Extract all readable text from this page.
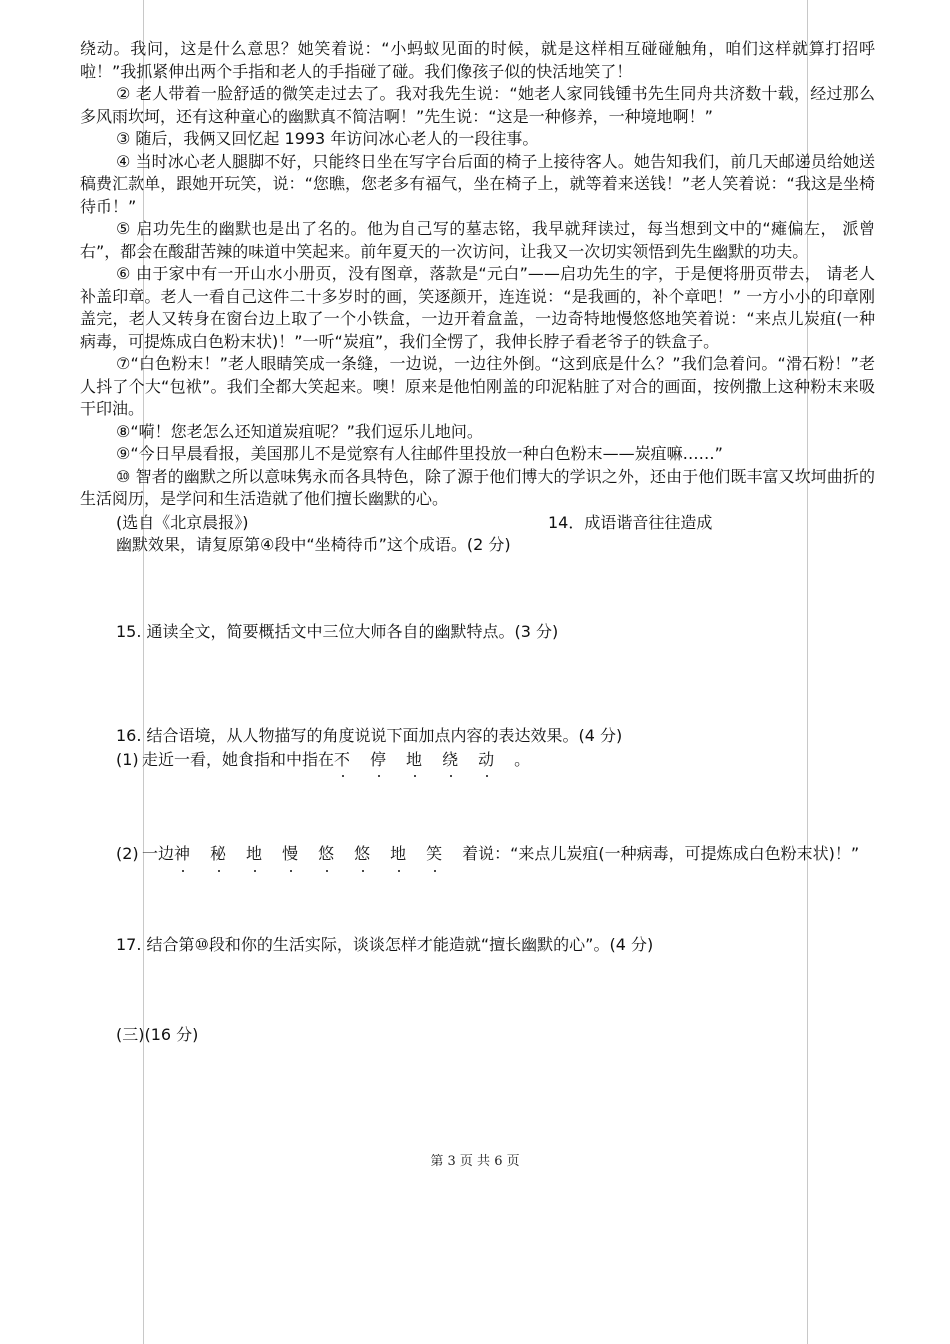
绕动。我问，这是什么意思？她笑着说：“小蚂蚁见面的时候，就是这样相互碰碰触角，咱们这样就算打招呼啦！”我抓紧伸出两个手指和老人的手指碰了碰。我们像孩子似的快活地笑了！

② 老人带着一脸舒适的微笑走过去了。我对我先生说：“她老人家同钱锺书先生同舟共济数十载，经过那么多风雨坎坷，还有这种童心的幽默真不简洁啊！”先生说：“这是一种修养，一种境地啊！”

③ 随后，我俩又回忆起 1993 年访问冰心老人的一段往事。

④ 当时冰心老人腿脚不好，只能终日坐在写字台后面的椅子上接待客人。她告知我们，前几天邮递员给她送稿费汇款单，跟她开玩笑，说：“您瞧，您老多有福气，坐在椅子上，就等着来送钱！”老人笑着说：“我这是坐椅待币！”

⑤ 启功先生的幽默也是出了名的。他为自己写的墓志铭，我早就拜读过，每当想到文中的“瘫偏左， 派曾右”，都会在酸甜苦辣的味道中笑起来。前年夏天的一次访问，让我又一次切实领悟到先生幽默的功夫。

⑥ 由于家中有一开山水小册页，没有图章，落款是“元白”——启功先生的字，于是便将册页带去， 请老人补盖印章。老人一看自己这件二十多岁时的画，笑逐颜开，连连说：“是我画的，补个章吧！” 一方小小的印章刚盖完，老人又转身在窗台边上取了一个小铁盒，一边开着盒盖，一边奇特地慢悠悠地笑着说：“来点儿炭疽(一种病毒，可提炼成白色粉末状)！”一听“炭疽”，我们全愣了，我伸长脖子看老爷子的铁盒子。

⑦“白色粉末！”老人眼睛笑成一条缝，一边说，一边往外倒。“这到底是什么？”我们急着问。“滑石粉！”老人抖了个大“包袱”。我们全都大笑起来。噢！原来是他怕刚盖的印泥粘脏了对合的画面，按例撒上这种粉末来吸干印油。

⑧“嗬！您老怎么还知道炭疽呢？”我们逗乐儿地问。

⑨“今日早晨看报，美国那儿不是觉察有人往邮件里投放一种白色粉末——炭疽嘛……”

⑩ 智者的幽默之所以意味隽永而各具特色，除了源于他们博大的学识之外，还由于他们既丰富又坎坷曲折的生活阅历，是学问和生活造就了他们擅长幽默的心。

(选自《北京晨报》)	14．成语谐音往往造成

幽默效果，请复原第④段中“坐椅待币”这个成语。(2 分)

15. 通读全文，简要概括文中三位大师各自的幽默特点。(3 分)

16. 结合语境，从人物描写的角度说说下面加点内容的表达效果。(4 分)

(1) 走近一看，她食指和中指在不 停 地 绕 动 。
(2) 一边神 秘 地 慢 悠 悠 地 笑 着说：“来点儿炭疽(一种病毒，可提炼成白色粉末状)！”

17. 结合第⑩段和你的生活实际，谈谈怎样才能造就“擅长幽默的心”。(4 分)

(三)(16 分)

第 3 页 共 6 页
